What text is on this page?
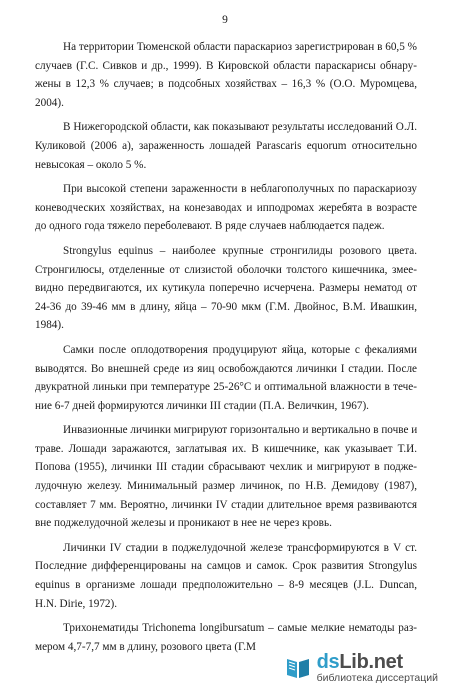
9

На территории Тюменской области параскариоз зарегистрирован в 60,5 %
случаев (Г.С. Сивков и др., 1999). В Кировской области параскарисы обнару-
жены в 12,3 % случаев; в подсобных хозяйствах – 16,3 % (О.О. Муромцева,
2004).

В Нижегородской области, как показывают результаты исследований О.Л.
Куликовой (2006 а), зараженность лошадей Parascaris equorum относительно
невысокая – около 5 %.

При высокой степени зараженности в неблагополучных по параскариозу
коневодческих хозяйствах, на конезаводах и ипподромах жеребята в возрасте
до одного года тяжело переболевают. В ряде случаев наблюдается падеж.

Strongylus equinus – наиболее крупные стронгилиды розового цвета.
Стронгилюсы, отделенные от слизистой оболочки толстого кишечника, змее-
видно передвигаются, их кутикула поперечно исчерчена. Размеры нематод от
24-36 до 39-46 мм в длину, яйца – 70-90 мкм (Г.М. Двойнос, В.М. Ивашкин,
1984).

Самки после оплодотворения продуцируют яйца, которые с фекалиями
выводятся. Во внешней среде из яиц освобождаются личинки I стадии. После
двукратной линьки при температуре 25-26°С и оптимальной влажности в тече-
ние 6-7 дней формируются личинки III стадии (П.А. Величкин, 1967).

Инвазионные личинки мигрируют горизонтально и вертикально в почве и
траве. Лошади заражаются, заглатывая их. В кишечнике, как указывает Т.И.
Попова (1955), личинки III стадии сбрасывают чехлик и мигрируют в подже-
лудочную железу. Минимальный размер личинок, по Н.В. Демидову (1987),
составляет 7 мм. Вероятно, личинки IV стадии длительное время развиваются
вне поджелудочной железы и проникают в нее не через кровь.

Личинки IV стадии в поджелудочной железе трансформируются в V ст.
Последние дифференцированы на самцов и самок. Срок развития Strongylus
equinus в организме лошади предположительно – 8-9 месяцев (J.L. Duncan,
H.N. Dirie, 1972).

Трихонематиды Trichonema longibursatum – самые мелкие нематоды раз-
мером 4,7-7,7 мм в длину, розового цвета (Г.М

dsLib.net
библиотека диссертаций
